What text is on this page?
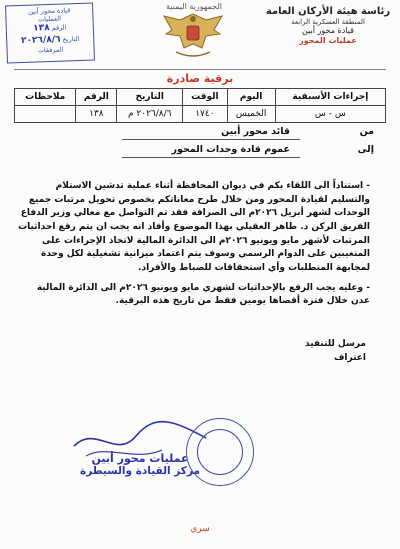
قيادة محور أبين
العمليات
الرقم ١٣٨
التاريخ ٢٠٢٦/٨/٦
المرفقات
الجمهورية اليمنية	رئاسة هيئة الأركان العامة
المنطقة العسكرية الرابعة
قيادة محور أبين
عمليات المحور
برقية صادرة
إجراءات الأسبقية	اليوم	الوقت	التاريخ	الرقم	ملاحظات
س - س	الخميس	١٧٤٠	٢٠٢٦/٨/٦ م	١٣٨	
من
قائد محور أبين
إلى
عموم قادة وحدات المحور

- استناداً الى اللقاء بكم في ديوان المحافظة أثناء عملية تدشين الاستلام والتسليم لقيادة المحور ومن خلال طرح معاناتكم بخصوص تحويل مرتبات جميع الوحدات لشهر أبريل ٢٠٢٦م الى الصرافة فقد تم التواصل مع معالي وزير الدفاع الفريق الركن د. طاهر العقيلي بهذا الموضوع وأفاد انه يجب ان يتم رفع احداثيات المرتبات لأشهر مايو ويونيو ٢٠٢٦م الى الدائرة المالية لاتخاذ الإجراءات على المتغيبين على الدوام الرسمي وسوف يتم اعتماد ميزانية تشغيلية لكل وحدة لمجابهة المتطلبات وأي استحقاقات للضباط والأفراد.

- وعليه يجب الرفع بالإحداثيات لشهري مايو ويونيو ٢٠٢٦م الى الدائرة المالية عدن خلال فترة أقصاها يومين فقط من تاريخ هذه البرقية.

مرسل للتنفيذ
اعتراف
عمليات محور أبين
مركز القيادة والسيطرة
سري
